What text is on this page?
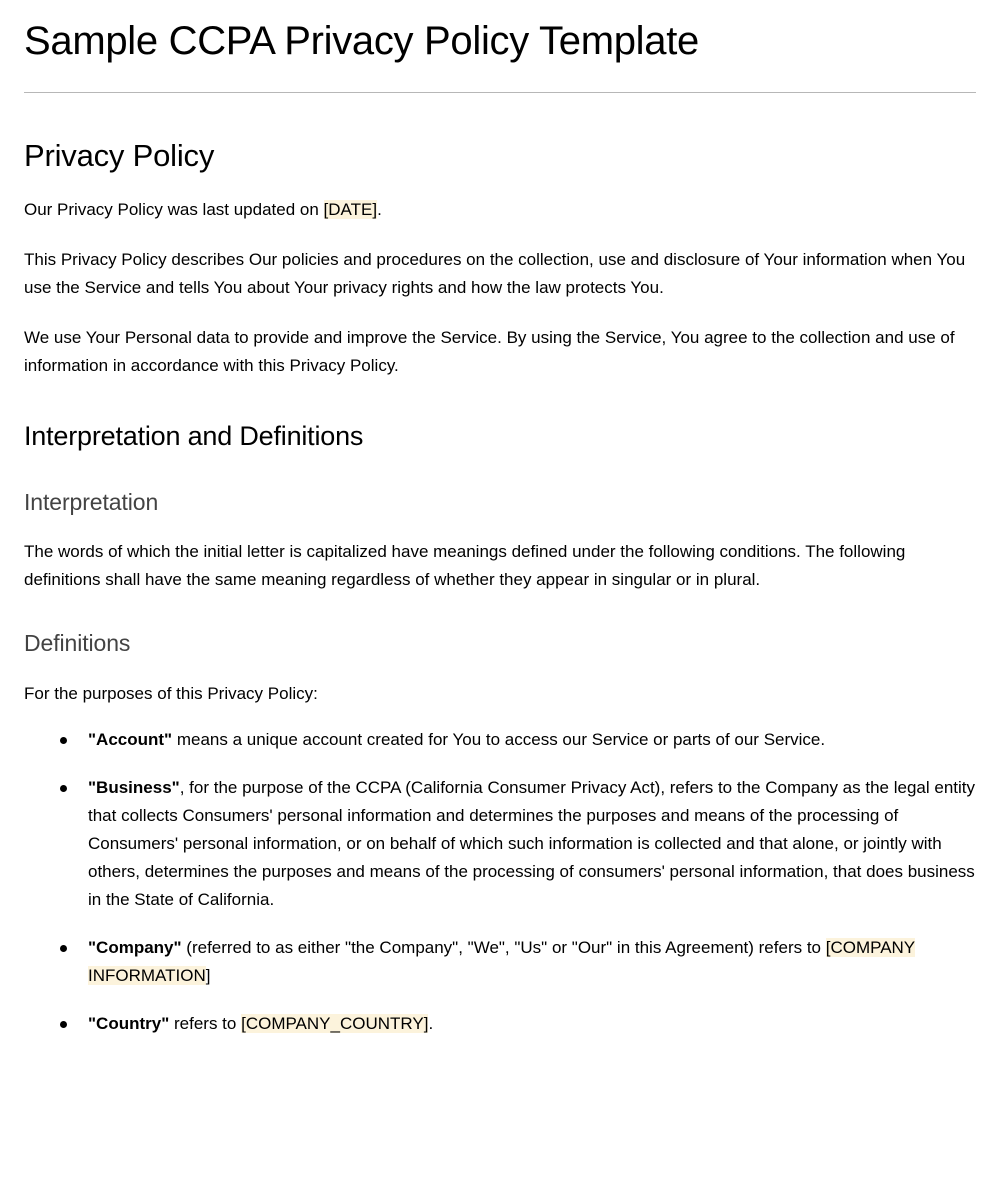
Sample CCPA Privacy Policy Template
Privacy Policy

Our Privacy Policy was last updated on [DATE].

This Privacy Policy describes Our policies and procedures on the collection, use and disclosure of Your information when You use the Service and tells You about Your privacy rights and how the law protects You.

We use Your Personal data to provide and improve the Service. By using the Service, You agree to the collection and use of information in accordance with this Privacy Policy.

Interpretation and Definitions
Interpretation

The words of which the initial letter is capitalized have meanings defined under the following conditions. The following definitions shall have the same meaning regardless of whether they appear in singular or in plural.

Definitions

For the purposes of this Privacy Policy:

"Account" means a unique account created for You to access our Service or parts of our Service.
"Business", for the purpose of the CCPA (California Consumer Privacy Act), refers to the Company as the legal entity that collects Consumers' personal information and determines the purposes and means of the processing of Consumers' personal information, or on behalf of which such information is collected and that alone, or jointly with others, determines the purposes and means of the processing of consumers' personal information, that does business in the State of California.
"Company" (referred to as either "the Company", "We", "Us" or "Our" in this Agreement) refers to [COMPANY INFORMATION]
"Country" refers to [COMPANY_COUNTRY].
